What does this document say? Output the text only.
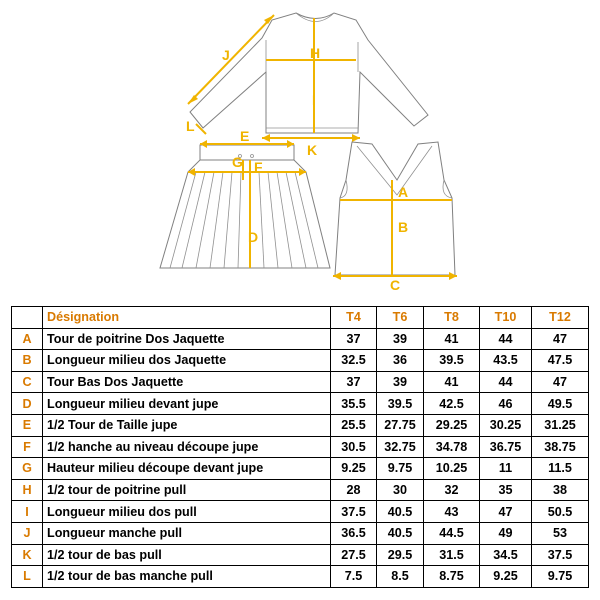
J	H
I
L
K
E
G F
D
A
B
C
	Désignation	T4	T6	T8	T10	T12
A	Tour de poitrine Dos Jaquette	37	39	41	44	47
B	Longueur milieu dos Jaquette	32.5	36	39.5	43.5	47.5
C	Tour Bas Dos Jaquette	37	39	41	44	47
D	Longueur milieu devant jupe	35.5	39.5	42.5	46	49.5
E	1/2 Tour de Taille jupe	25.5	27.75	29.25	30.25	31.25
F	1/2 hanche au niveau découpe jupe	30.5	32.75	34.78	36.75	38.75
G	Hauteur milieu découpe devant jupe	9.25	9.75	10.25	11	11.5
H	1/2 tour de poitrine pull	28	30	32	35	38
I	Longueur milieu dos pull	37.5	40.5	43	47	50.5
J	Longueur manche pull	36.5	40.5	44.5	49	53
K	1/2 tour de bas pull	27.5	29.5	31.5	34.5	37.5
L	1/2 tour de bas manche pull	7.5	8.5	8.75	9.25	9.75
